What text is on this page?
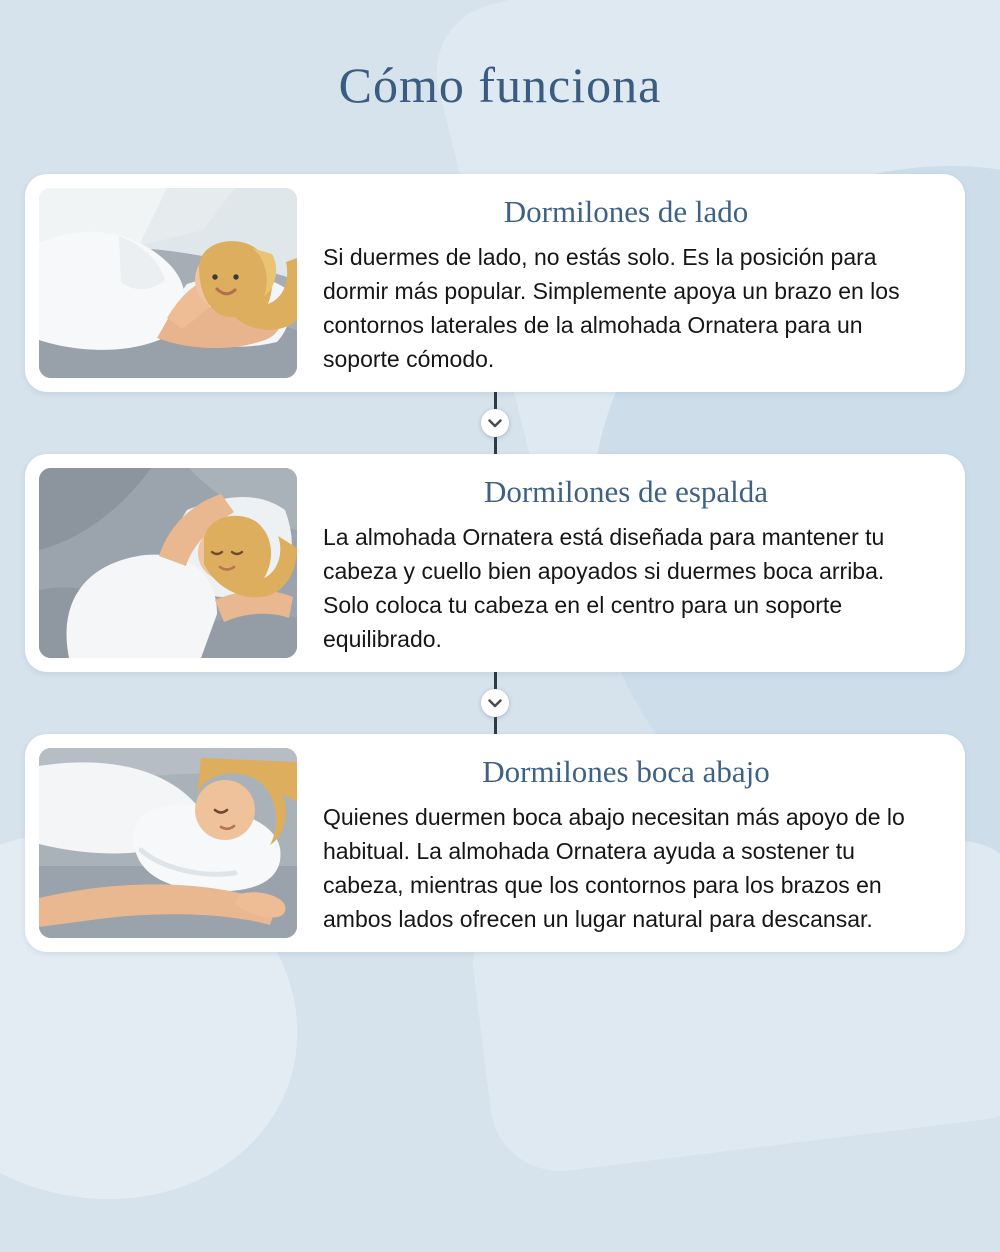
Cómo funciona
Dormilones de lado

Si duermes de lado, no estás solo. Es la posición para dormir más popular. Simplemente apoya un brazo en los contornos laterales de la almohada Ornatera para un soporte cómodo.

Dormilones de espalda

La almohada Ornatera está diseñada para mantener tu cabeza y cuello bien apoyados si duermes boca arriba. Solo coloca tu cabeza en el centro para un soporte equilibrado.

Dormilones boca abajo

Quienes duermen boca abajo necesitan más apoyo de lo habitual. La almohada Ornatera ayuda a sostener tu cabeza, mientras que los contornos para los brazos en ambos lados ofrecen un lugar natural para descansar.
